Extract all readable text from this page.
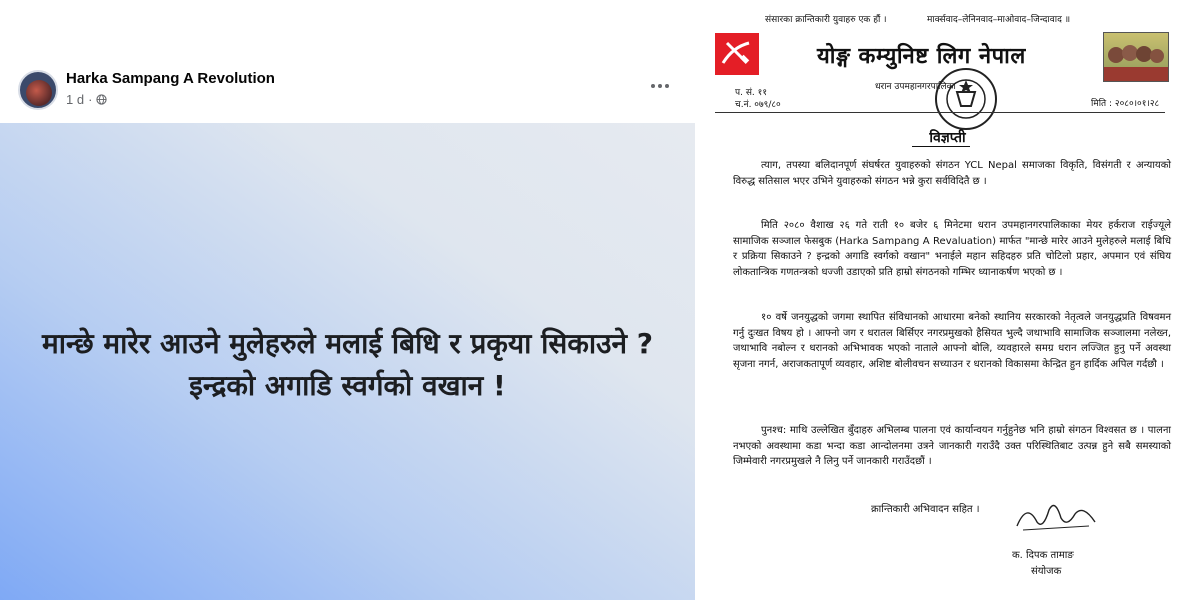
Harka Sampang A Revolution
1 d ·
मान्छे मारेर आउने मुलेहरुले मलाई बिधि र प्रकृया सिकाउने ? इन्द्रको अगाडि स्वर्गको वखान !
संसारका क्रान्तिकारी युवाहरु एक हौं ।	मार्क्सवाद–लेनिनवाद–माओवाद–जिन्दावाद ॥
योङ्ग कम्युनिष्ट लिग नेपाल
प. सं. ११
च.नं. ०७९/८०
धरान उपमहानगरपालिका
मिति : २०८०।०१।२८
विज्ञप्ती
त्याग, तपस्या बलिदानपूर्ण संघर्षरत युवाहरुको संगठन YCL Nepal समाजका विकृति, विसंगती र अन्यायको विरुद्ध सतिसाल भएर उभिने युवाहरुको संगठन भन्ने कुरा सर्वविदितै छ ।
मिति २०८० वैशाख २६ गते राती १० बजेर ६ मिनेटमा धरान उपमहानगरपालिकाका मेयर हर्कराज राईज्यूले सामाजिक सञ्जाल फेसबुक (Harka Sampang A Revaluation) मार्फत "मान्छे मारेर आउने मुलेहरुले मलाई बिधि र प्रक्रिया सिकाउने ? इन्द्रको अगाडि स्वर्गको वखान" भनाईले महान सहिदहरु प्रति चोटिलो प्रहार, अपमान एवं संघिय लोकतान्त्रिक गणतन्त्रको धज्जी उडाएको प्रति हाम्रो संगठनको गम्भिर ध्यानाकर्षण भएको छ ।
१० वर्षे जनयुद्धको जगमा स्थापित संविधानको आधारमा बनेको स्थानिय सरकारको नेतृत्वले जनयुद्धप्रति विषवमन गर्नु दुःखत विषय हो । आफ्नो जग र धरातल बिर्सिएर नगरप्रमुखको हैसियत भुल्दै जथाभावि सामाजिक सञ्जालमा नलेख्न, जथाभावि नबोल्न र धरानको अभिभावक भएको नाताले आफ्नो बोलि, व्यवहारले समग्र धरान लज्जित हुनु पर्ने अवस्था सृजना नगर्न, अराजकतापूर्ण व्यवहार, अशिष्ट बोलीवचन सच्याउन र धरानको विकासमा केन्द्रित हुन हार्दिक अपिल गर्दछौ ।
पुनश्च: माथि उल्लेखित बुँदाहरु अभिलम्ब पालना एवं कार्यान्वयन गर्नुहुनेछ भनि हाम्रो संगठन विश्वसत छ । पालना नभएको अवस्थामा कडा भन्दा कडा आन्दोलनमा उत्रने जानकारी गराउँदै उक्त परिस्थितिबाट उत्पन्न हुने सबै समस्याको जिम्मेवारी नगरप्रमुखले नै लिनु पर्ने जानकारी गराउँदछौं ।
क्रान्तिकारी अभिवादन सहित ।
क. दिपक तामाङ
संयोजक
